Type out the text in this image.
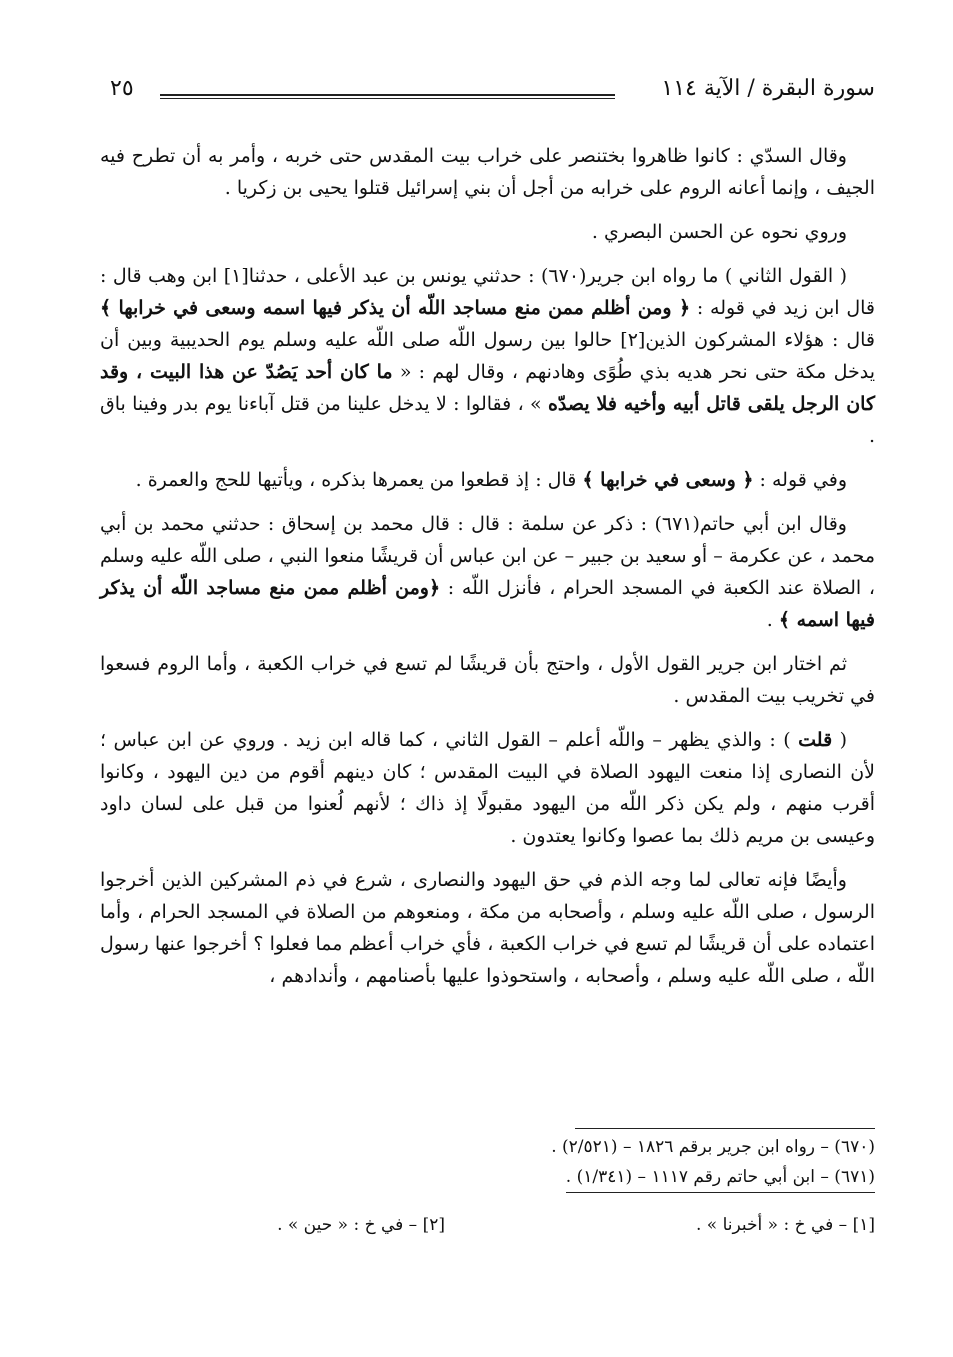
سورة البقرة / الآية ١١٤
٢٥

وقال السدّي : كانوا ظاهروا بختنصر على خراب بيت المقدس حتى خربه ، وأمر به أن تطرح فيه الجيف ، وإنما أعانه الروم على خرابه من أجل أن بني إسرائيل قتلوا يحيى بن زكريا .

وروي نحوه عن الحسن البصري .

( القول الثاني ) ما رواه ابن جرير(٦٧٠) : حدثني يونس بن عبد الأعلى ، حدثنا[١] ابن وهب قال : قال ابن زيد في قوله : ﴿ ومن أظلم ممن منع مساجد اللّه أن يذكر فيها اسمه وسعى في خرابها ﴾ قال : هؤلاء المشركون الذين[٢] حالوا بين رسول اللّه صلى اللّه عليه وسلم يوم الحديبية وبين أن يدخل مكة حتى نحر هديه بذي طُوًى وهادنهم ، وقال لهم : « ما كان أحد يَصُدّ عن هذا البيت ، وقد كان الرجل يلقى قاتل أبيه وأخيه فلا يصدّه » ، فقالوا : لا يدخل علينا من قتل آباءنا يوم بدر وفينا باق .

وفي قوله : ﴿ وسعى في خرابها ﴾ قال : إذ قطعوا من يعمرها بذكره ، ويأتيها للحج والعمرة .

وقال ابن أبي حاتم(٦٧١) : ذكر عن سلمة : قال : قال محمد بن إسحاق : حدثني محمد بن أبي محمد ، عن عكرمة – أو سعيد بن جبير – عن ابن عباس أن قريشًا منعوا النبي ، صلى اللّه عليه وسلم ، الصلاة عند الكعبة في المسجد الحرام ، فأنزل اللّه : ﴿ومن أظلم ممن منع مساجد اللّه أن يذكر فيها اسمه ﴾ .

ثم اختار ابن جرير القول الأول ، واحتج بأن قريشًا لم تسع في خراب الكعبة ، وأما الروم فسعوا في تخريب بيت المقدس .

( قلت ) : والذي يظهر – واللّه أعلم – القول الثاني ، كما قاله ابن زيد . وروي عن ابن عباس ؛ لأن النصارى إذا منعت اليهود الصلاة في البيت المقدس ؛ كان دينهم أقوم من دين اليهود ، وكانوا أقرب منهم ، ولم يكن ذكر اللّه من اليهود مقبولًا إذ ذاك ؛ لأنهم لُعنوا من قبل على لسان داود وعيسى بن مريم ذلك بما عصوا وكانوا يعتدون .

وأيضًا فإنه تعالى لما وجه الذم في حق اليهود والنصارى ، شرع في ذم المشركين الذين أخرجوا الرسول ، صلى اللّه عليه وسلم ، وأصحابه من مكة ، ومنعوهم من الصلاة في المسجد الحرام ، وأما اعتماده على أن قريشًا لم تسع في خراب الكعبة ، فأي خراب أعظم مما فعلوا ؟ أخرجوا عنها رسول اللّه ، صلى اللّه عليه وسلم ، وأصحابه ، واستحوذوا عليها بأصنامهم ، وأندادهم ،

(٦٧٠) – رواه ابن جرير برقم ١٨٢٦ – (٢/٥٢١) .

(٦٧١) – ابن أبي حاتم رقم ١١١٧ – (١/٣٤١) .

[١] – في خ : « أخبرنا » .
[٢] – في خ : « حين » .
